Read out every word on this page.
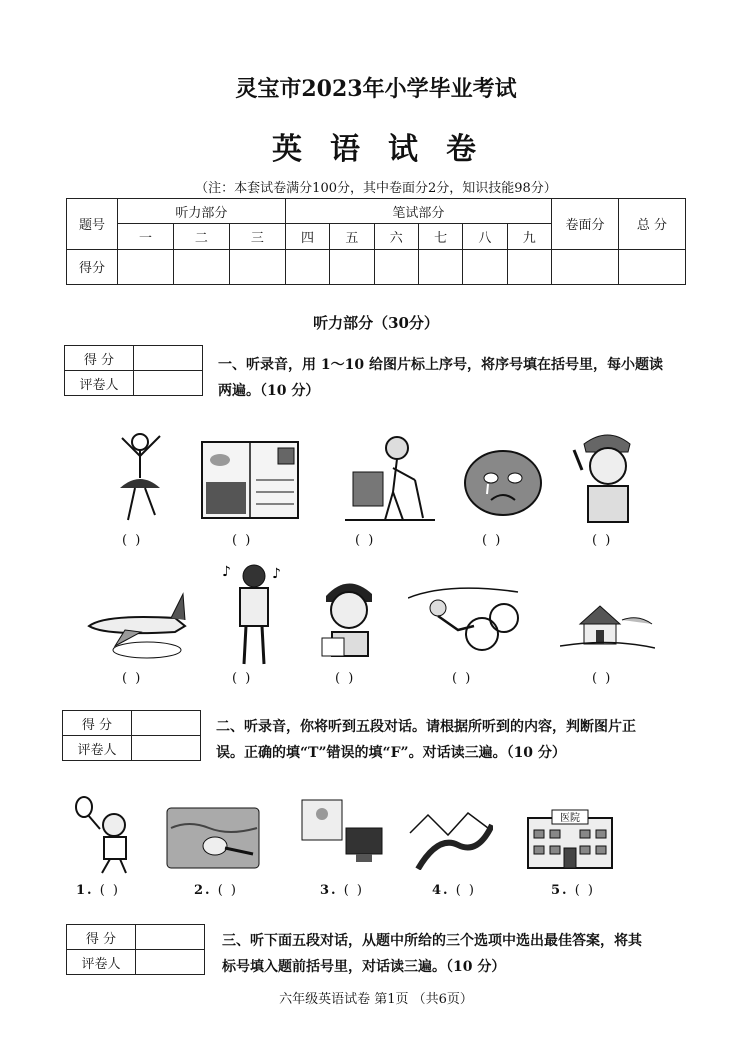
灵宝市2023年小学毕业考试
英 语 试 卷
（注：本套试卷满分100分，其中卷面分2分，知识技能98分）
题号	听力部分			笔试部分						卷面分	总 分
	一	二	三	四	五	六	七	八	九		
得分											
听力部分（30分）
得 分	
评卷人	
一、听录音，用 1～10 给图片标上序号，将序号填在括号里，每小题读
两遍。（10 分）
( )	( )	( )	( )	( )
♪	♪
( )	( )	( )	( )	( )
得 分	
评卷人	
二、听录音，你将听到五段对话。请根据所听到的内容，判断图片正
误。正确的填“T”错误的填“F”。对话读三遍。（10 分）
医院
1. ( )	2. ( )	3. ( )	4. ( )	5. ( )
得 分	
评卷人	
三、听下面五段对话，从题中所给的三个选项中选出最佳答案，将其
标号填入题前括号里，对话读三遍。（10 分）
六年级英语试卷 第1页 （共6页）
